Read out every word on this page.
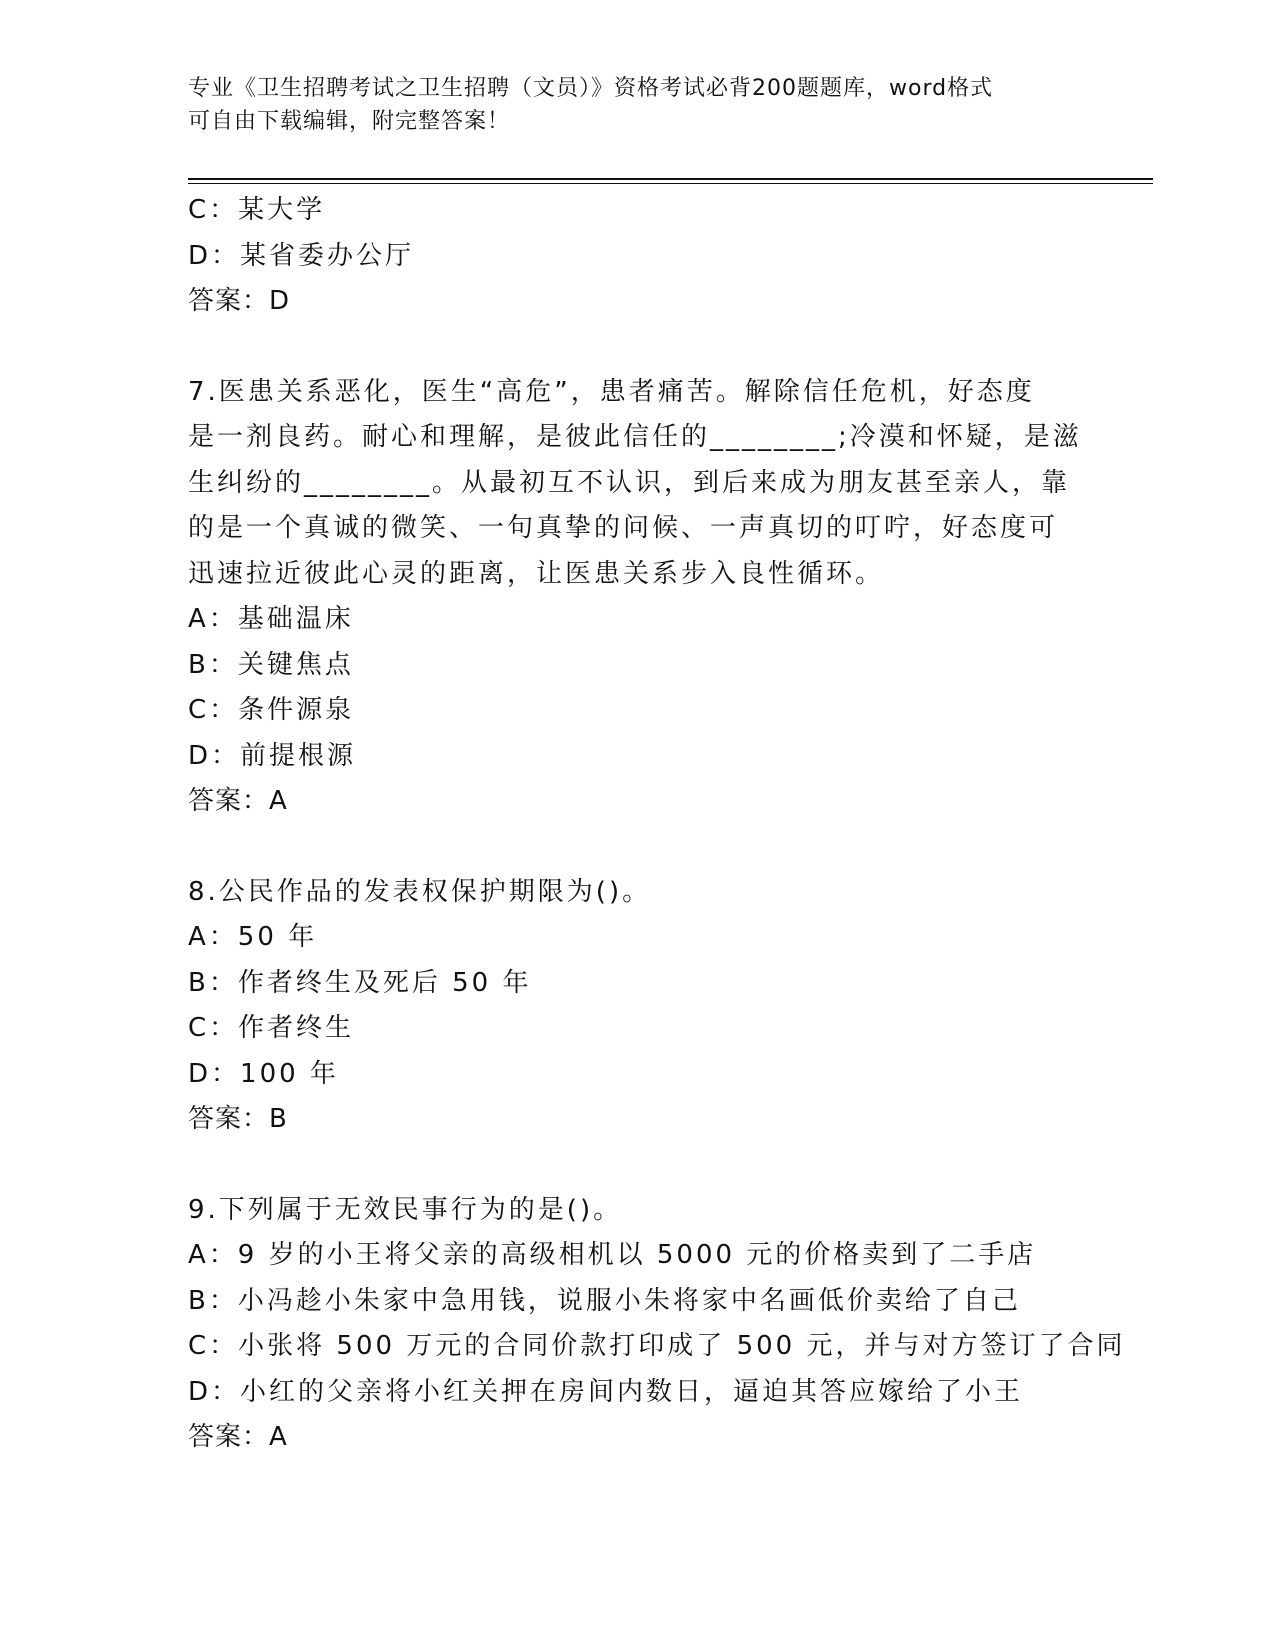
专业《卫生招聘考试之卫生招聘（文员）》资格考试必背200题题库，word格式
可自由下载编辑，附完整答案！
C：某大学
D：某省委办公厅
答案：D
7.医患关系恶化，医生“高危”，患者痛苦。解除信任危机，好态度
是一剂良药。耐心和理解，是彼此信任的________;冷漠和怀疑，是滋
生纠纷的________。从最初互不认识，到后来成为朋友甚至亲人，靠
的是一个真诚的微笑、一句真挚的问候、一声真切的叮咛，好态度可
迅速拉近彼此心灵的距离，让医患关系步入良性循环。
A：基础温床
B：关键焦点
C：条件源泉
D：前提根源
答案：A
8.公民作品的发表权保护期限为()。
A：50 年
B：作者终生及死后 50 年
C：作者终生
D：100 年
答案：B
9.下列属于无效民事行为的是()。
A：9 岁的小王将父亲的高级相机以 5000 元的价格卖到了二手店
B：小冯趁小朱家中急用钱，说服小朱将家中名画低价卖给了自己
C：小张将 500 万元的合同价款打印成了 500 元，并与对方签订了合同
D：小红的父亲将小红关押在房间内数日，逼迫其答应嫁给了小王
答案：A
